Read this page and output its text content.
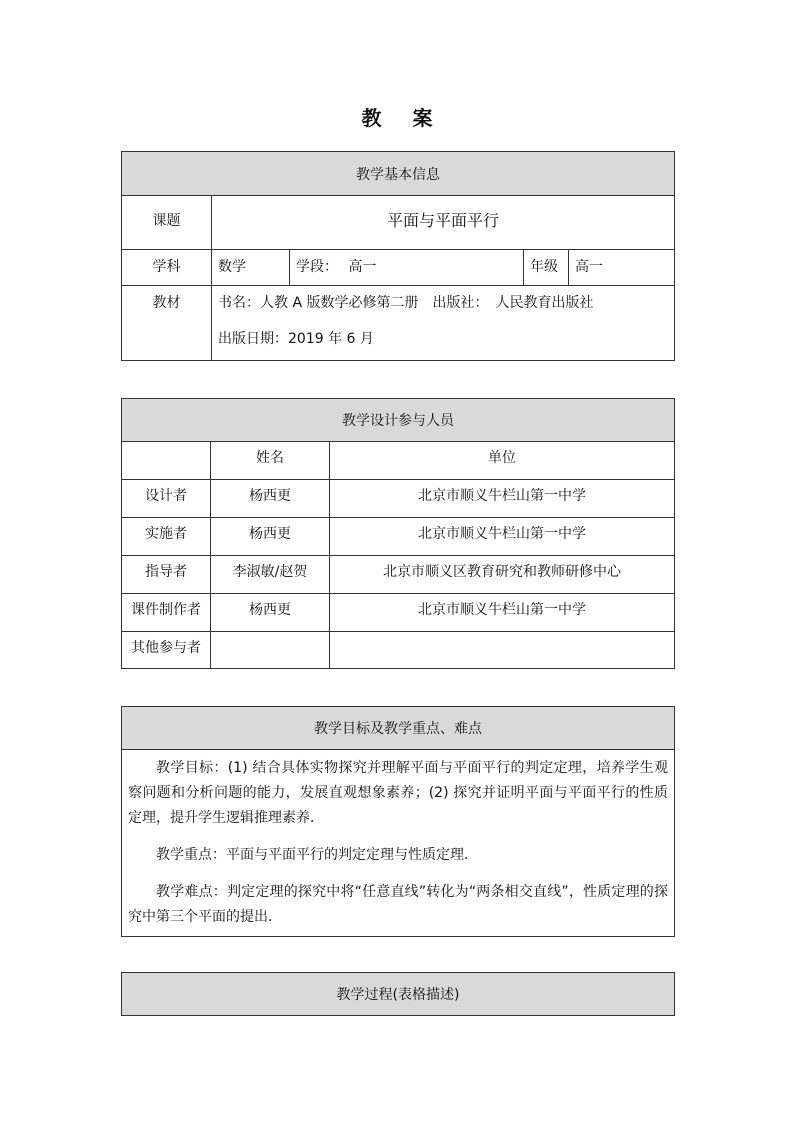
教 案
教学基本信息				
课题	平面与平面平行			
学科	数学	学段： 高一	年级	高一
教材	书名：人教 A 版数学必修第二册　出版社：　人民教育出版社
出版日期：2019 年 6 月			
教学设计参与人员		
	姓名	单位
设计者	杨西更	北京市顺义牛栏山第一中学
实施者	杨西更	北京市顺义牛栏山第一中学
指导者	李淑敏/赵贺	北京市顺义区教育研究和教师研修中心
课件制作者	杨西更	北京市顺义牛栏山第一中学
其他参与者		
教学目标及教学重点、难点

教学目标：(1) 结合具体实物探究并理解平面与平面平行的判定定理，培养学生观察问题和分析问题的能力，发展直观想象素养；(2) 探究并证明平面与平面平行的性质定理，提升学生逻辑推理素养．

教学重点：平面与平面平行的判定定理与性质定理．

教学难点：判定定理的探究中将“任意直线”转化为“两条相交直线”，性质定理的探究中第三个平面的提出．

教学过程(表格描述)
